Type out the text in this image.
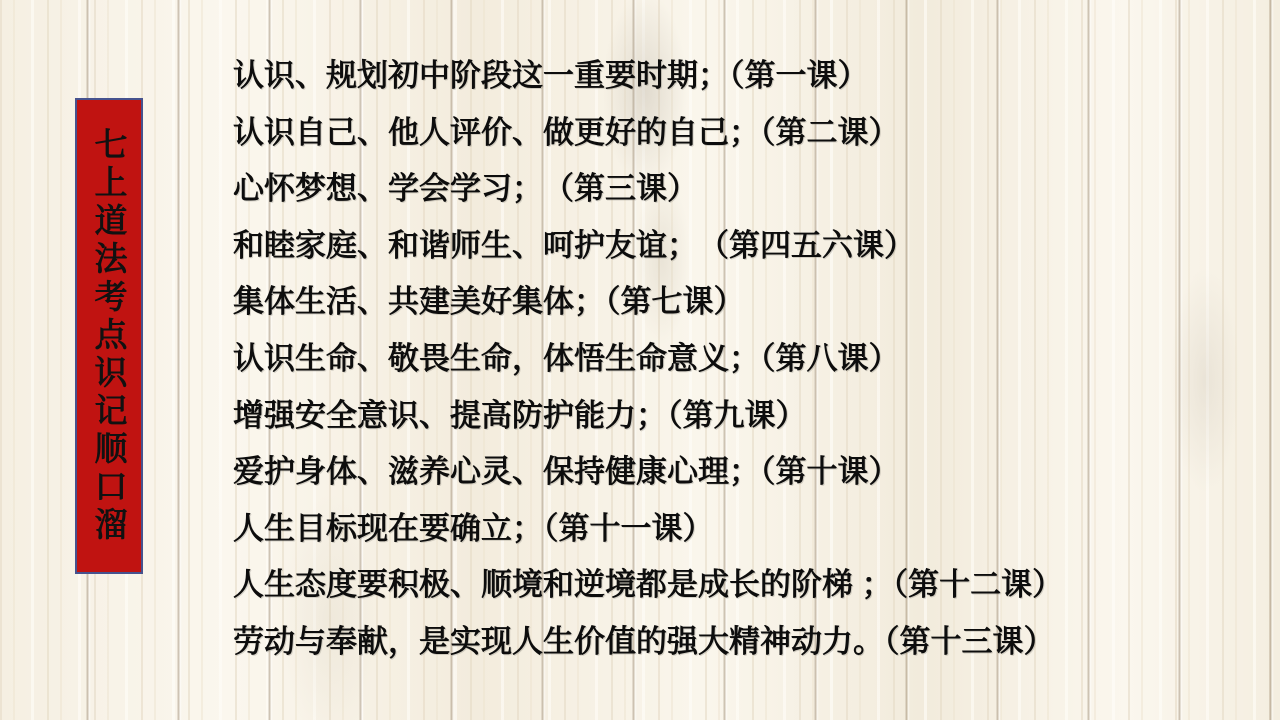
七上道法考点识记顺口溜
认识、规划初中阶段这一重要时期；（第一课）
认识自己、他人评价、做更好的自己；（第二课）
心怀梦想、学会学习；　（第三课）
和睦家庭、和谐师生、呵护友谊；　（第四五六课）
集体生活、共建美好集体；（第七课）
认识生命、敬畏生命，体悟生命意义；（第八课）
增强安全意识、提高防护能力；（第九课）
爱护身体、滋养心灵、保持健康心理；（第十课）
人生目标现在要确立；（第十一课）
人生态度要积极、顺境和逆境都是成长的阶梯 ；（第十二课）
劳动与奉献，是实现人生价值的强大精神动力。（第十三课）
